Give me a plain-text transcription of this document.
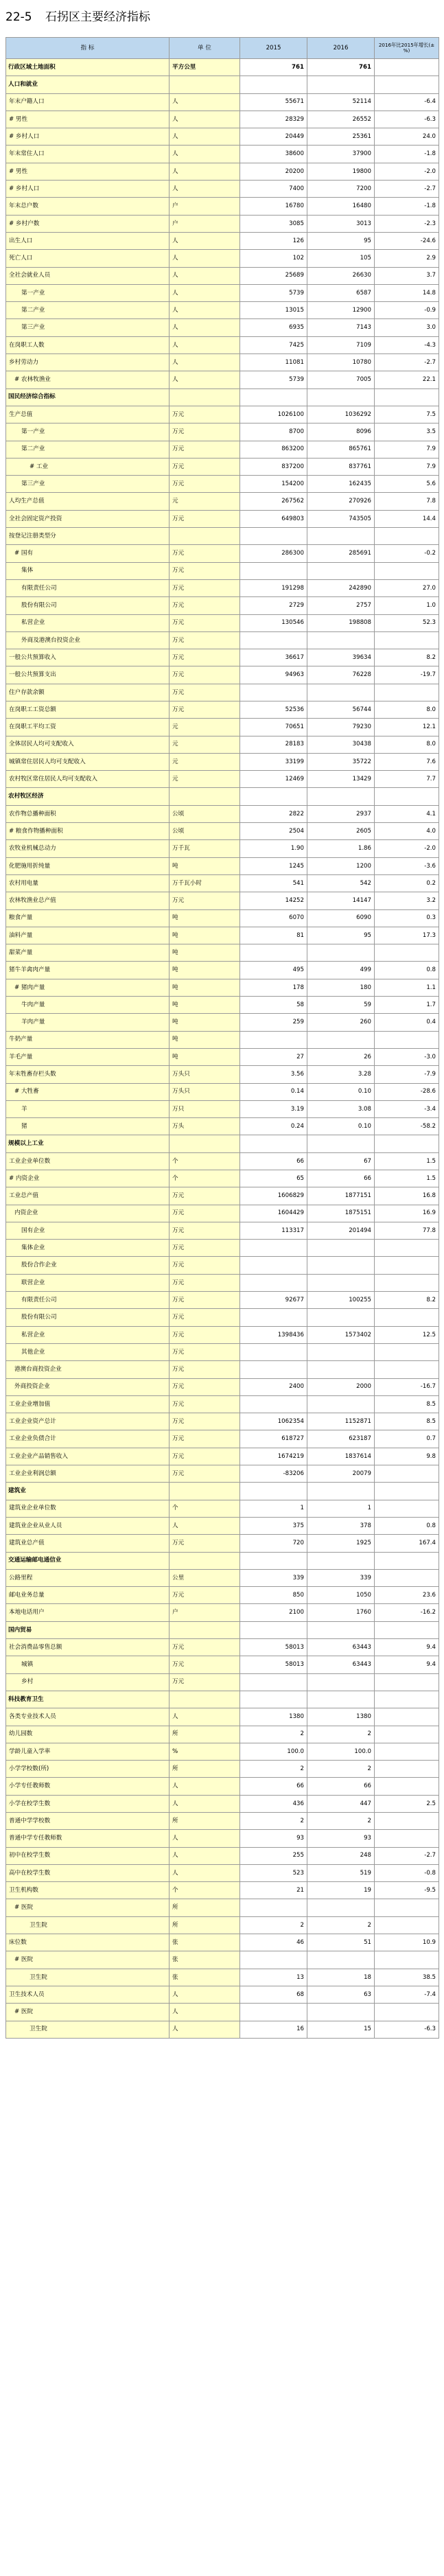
22-5 石拐区主要经济指标
指 标	单 位	2015	2016	2016年比2015年增长(±%)
行政区域土地面积	平方公里	761	761	
人口和就业				
年末户籍人口	人	55671	52114	-6.4
# 男性	人	28329	26552	-6.3
# 乡村人口	人	20449	25361	24.0
年末常住人口	人	38600	37900	-1.8
# 男性	人	20200	19800	-2.0
# 乡村人口	人	7400	7200	-2.7
年末总户数	户	16780	16480	-1.8
# 乡村户数	户	3085	3013	-2.3
出生人口	人	126	95	-24.6
死亡人口	人	102	105	2.9
全社会就业人员	人	25689	26630	3.7
第一产业	人	5739	6587	14.8
第二产业	人	13015	12900	-0.9
第三产业	人	6935	7143	3.0
在岗职工人数	人	7425	7109	-4.3
乡村劳动力	人	11081	10780	-2.7
# 农林牧渔业	人	5739	7005	22.1
国民经济综合指标				
生产总值	万元	1026100	1036292	7.5
第一产业	万元	8700	8096	3.5
第二产业	万元	863200	865761	7.9
# 工业	万元	837200	837761	7.9
第三产业	万元	154200	162435	5.6
人均生产总值	元	267562	270926	7.8
全社会固定资产投资	万元	649803	743505	14.4
按登记注册类型分				
# 国有	万元	286300	285691	-0.2
集体	万元			
有限责任公司	万元	191298	242890	27.0
股份有限公司	万元	2729	2757	1.0
私营企业	万元	130546	198808	52.3
外商及港澳台投资企业	万元			
一般公共预算收入	万元	36617	39634	8.2
一般公共预算支出	万元	94963	76228	-19.7
住户存款余额	万元			
在岗职工工资总额	万元	52536	56744	8.0
在岗职工平均工资	元	70651	79230	12.1
全体居民人均可支配收入	元	28183	30438	8.0
城镇常住居民人均可支配收入	元	33199	35722	7.6
农村牧区常住居民人均可支配收入	元	12469	13429	7.7
农村牧区经济				
农作物总播种面积	公顷	2822	2937	4.1
# 粮食作物播种面积	公顷	2504	2605	4.0
农牧业机械总动力	万千瓦	1.90	1.86	-2.0
化肥施用折纯量	吨	1245	1200	-3.6
农村用电量	万千瓦小时	541	542	0.2
农林牧渔业总产值	万元	14252	14147	3.2
粮食产量	吨	6070	6090	0.3
油料产量	吨	81	95	17.3
甜菜产量	吨			
猪牛羊禽肉产量	吨	495	499	0.8
# 猪肉产量	吨	178	180	1.1
牛肉产量	吨	58	59	1.7
羊肉产量	吨	259	260	0.4
牛奶产量	吨			
羊毛产量	吨	27	26	-3.0
年末牲畜存栏头数	万头只	3.56	3.28	-7.9
# 大牲畜	万头只	0.14	0.10	-28.6
羊	万只	3.19	3.08	-3.4
猪	万头	0.24	0.10	-58.2
规模以上工业				
工业企业单位数	个	66	67	1.5
# 内资企业	个	65	66	1.5
工业总产值	万元	1606829	1877151	16.8
内资企业	万元	1604429	1875151	16.9
国有企业	万元	113317	201494	77.8
集体企业	万元			
股份合作企业	万元			
联营企业	万元			
有限责任公司	万元	92677	100255	8.2
股份有限公司	万元			
私营企业	万元	1398436	1573402	12.5
其他企业	万元			
港澳台商投资企业	万元			
外商投资企业	万元	2400	2000	-16.7
工业企业增加值	万元			8.5
工业企业资产总计	万元	1062354	1152871	8.5
工业企业负债合计	万元	618727	623187	0.7
工业企业产品销售收入	万元	1674219	1837614	9.8
工业企业利润总额	万元	-83206	20079	
建筑业				
建筑业企业单位数	个	1	1	
建筑业企业从业人员	人	375	378	0.8
建筑业总产值	万元	720	1925	167.4
交通运输邮电通信业				
公路里程	公里	339	339	
邮电业务总量	万元	850	1050	23.6
本地电话用户	户	2100	1760	-16.2
国内贸易				
社会消费品零售总额	万元	58013	63443	9.4
城镇	万元	58013	63443	9.4
乡村	万元			
科技教育卫生				
各类专业技术人员	人	1380	1380	
幼儿园数	所	2	2	
学龄儿童入学率	%	100.0	100.0	
小学学校数(所)	所	2	2	
小学专任教师数	人	66	66	
小学在校学生数	人	436	447	2.5
普通中学学校数	所	2	2	
普通中学专任教师数	人	93	93	
初中在校学生数	人	255	248	-2.7
高中在校学生数	人	523	519	-0.8
卫生机构数	个	21	19	-9.5
# 医院	所			
卫生院	所	2	2	
床位数	张	46	51	10.9
# 医院	张			
卫生院	张	13	18	38.5
卫生技术人员	人	68	63	-7.4
# 医院	人			
卫生院	人	16	15	-6.3
